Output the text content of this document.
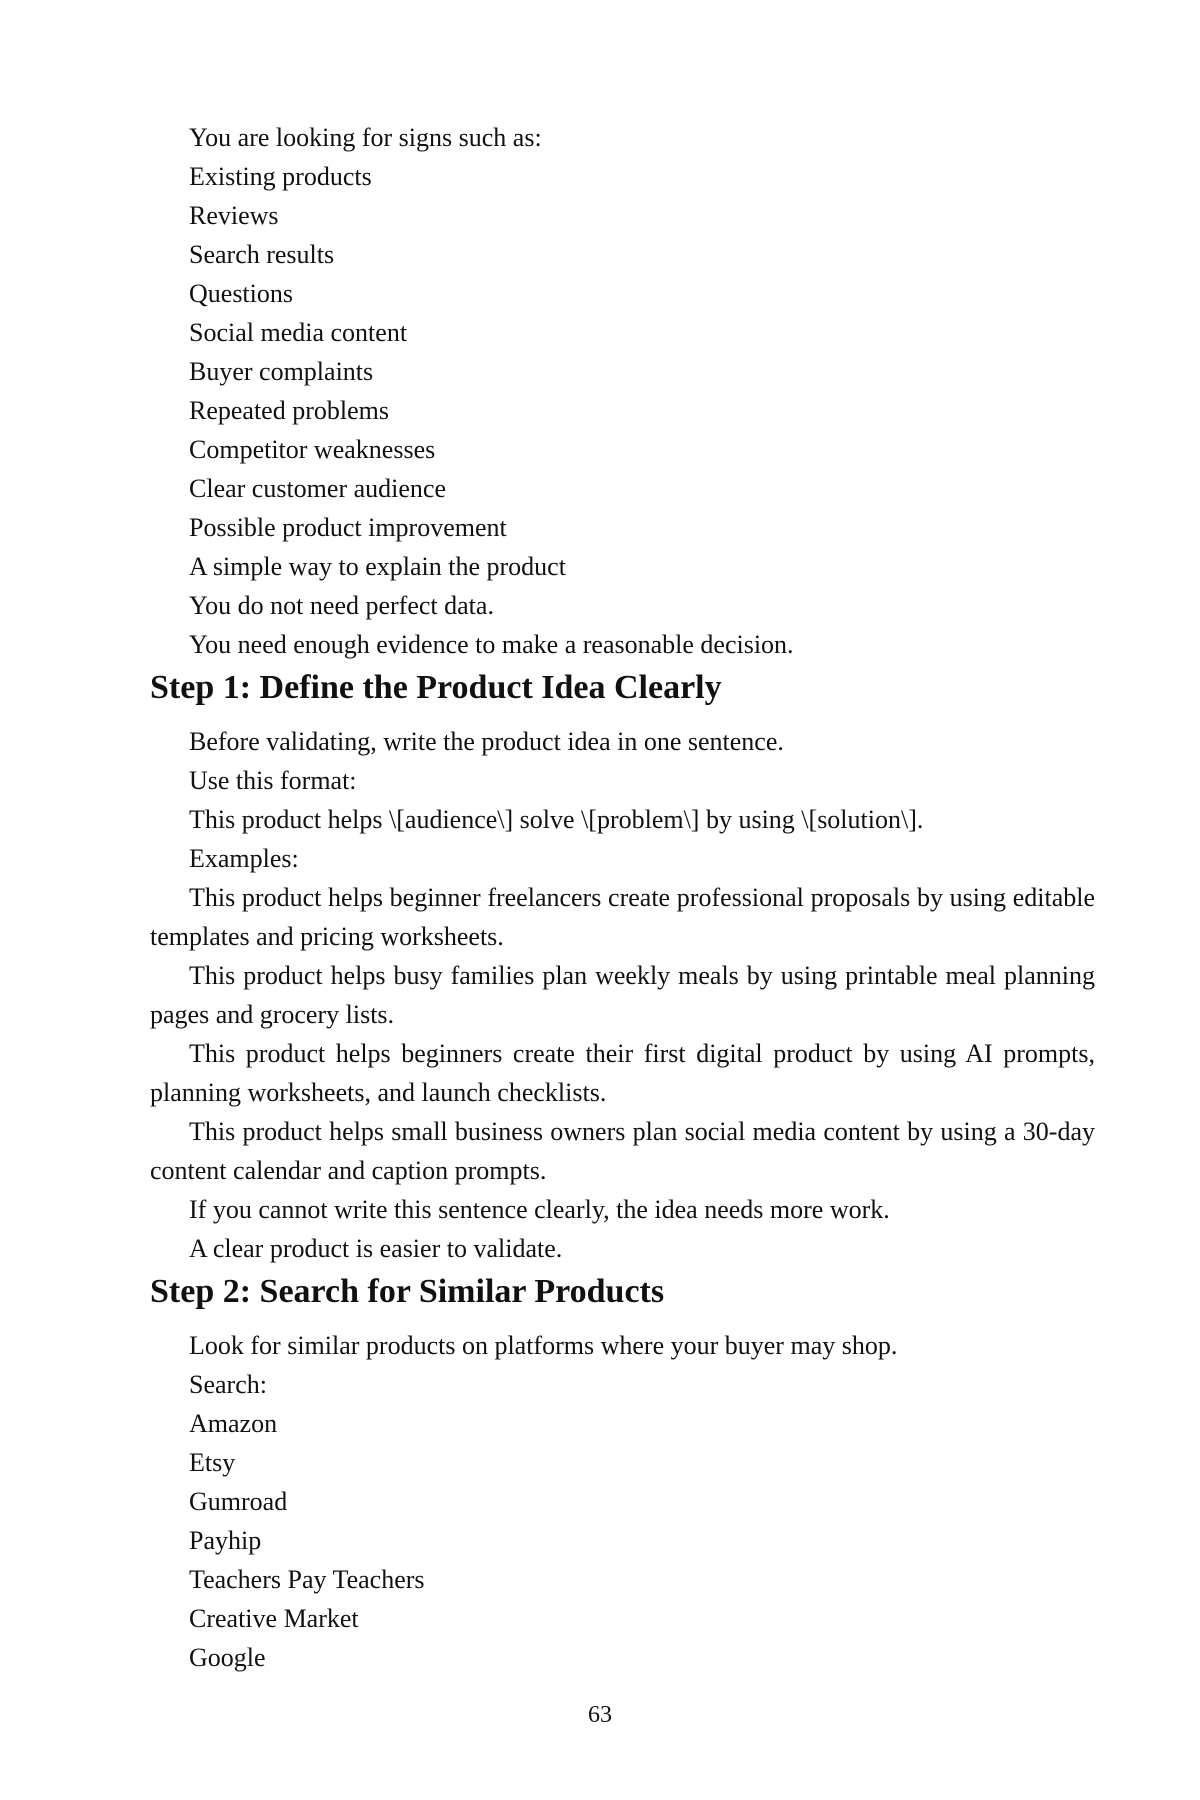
You are looking for signs such as:

Existing products

Reviews

Search results

Questions

Social media content

Buyer complaints

Repeated problems

Competitor weaknesses

Clear customer audience

Possible product improvement

A simple way to explain the product

You do not need perfect data.

You need enough evidence to make a reasonable decision.

Step 1: Define the Product Idea Clearly

Before validating, write the product idea in one sentence.

Use this format:

This product helps \[audience\] solve \[problem\] by using \[solution\].

Examples:

This product helps beginner freelancers create professional proposals by using editable templates and pricing worksheets.

This product helps busy families plan weekly meals by using printable meal planning pages and grocery lists.

This product helps beginners create their first digital product by using AI prompts, planning worksheets, and launch checklists.

This product helps small business owners plan social media content by using a 30-day content calendar and caption prompts.

If you cannot write this sentence clearly, the idea needs more work.

A clear product is easier to validate.

Step 2: Search for Similar Products

Look for similar products on platforms where your buyer may shop.

Search:

Amazon

Etsy

Gumroad

Payhip

Teachers Pay Teachers

Creative Market

Google

63
